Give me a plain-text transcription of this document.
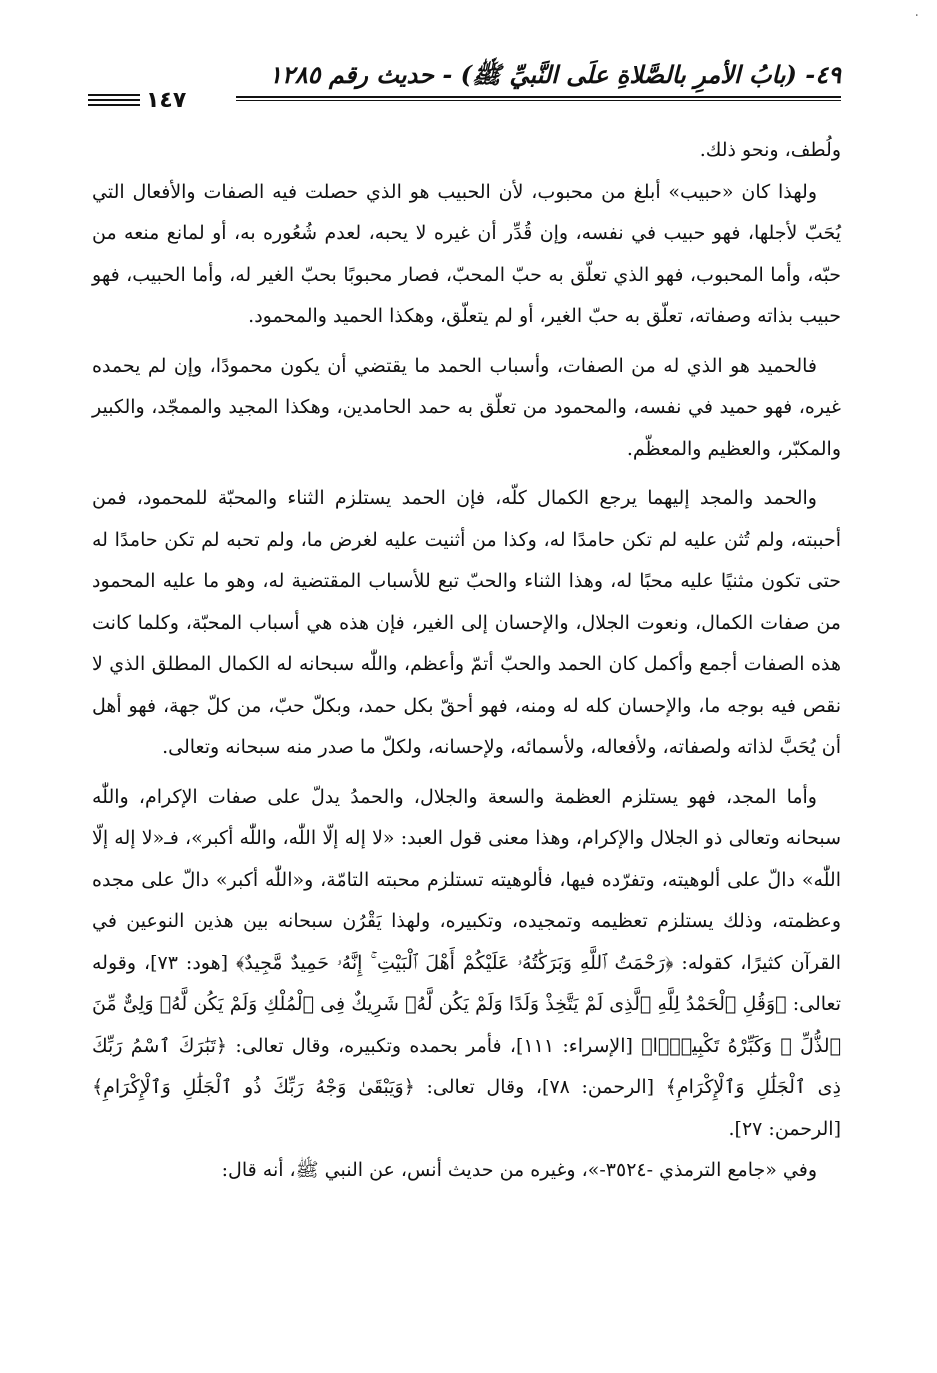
·
٤٩- (بابُ الأمرِ بالصَّلاةِ علَى النَّبيِّ ﷺ) - حديث رقم ١٢٨٥
١٤٧

ولُطف، ونحو ذلك.

ولهذا كان «حبيب» أبلغ من محبوب، لأن الحبيب هو الذي حصلت فيه الصفات والأفعال التي يُحَبّ لأجلها، فهو حبيب في نفسه، وإن قُدِّر أن غيره لا يحبه، لعدم شُعُوره به، أو لمانع منعه من حبّه، وأما المحبوب، فهو الذي تعلّق به حبّ المحبّ، فصار محبوبًا بحبّ الغير له، وأما الحبيب، فهو حبيب بذاته وصفاته، تعلّق به حبّ الغير، أو لم يتعلّق، وهكذا الحميد والمحمود.

فالحميد هو الذي له من الصفات، وأسباب الحمد ما يقتضي أن يكون محمودًا، وإن لم يحمده غيره، فهو حميد في نفسه، والمحمود من تعلّق به حمد الحامدين، وهكذا المجيد والممجّد، والكبير والمكبّر، والعظيم والمعظّم.

والحمد والمجد إليهما يرجع الكمال كلّه، فإن الحمد يستلزم الثناء والمحبّة للمحمود، فمن أحببته، ولم تُثن عليه لم تكن حامدًا له، وكذا من أثنيت عليه لغرض ما، ولم تحبه لم تكن حامدًا له حتى تكون مثنيًا عليه محبًا له، وهذا الثناء والحبّ تبع للأسباب المقتضية له، وهو ما عليه المحمود من صفات الكمال، ونعوت الجلال، والإحسان إلى الغير، فإن هذه هي أسباب المحبّة، وكلما كانت هذه الصفات أجمع وأكمل كان الحمد والحبّ أتمّ وأعظم، واللّٰه سبحانه له الكمال المطلق الذي لا نقص فيه بوجه ما، والإحسان كله له ومنه، فهو أحقّ بكل حمد، وبكلّ حبّ، من كلّ جهة، فهو أهل أن يُحَبَّ لذاته ولصفاته، ولأفعاله، ولأسمائه، ولإحسانه، ولكلّ ما صدر منه سبحانه وتعالى.

وأما المجد، فهو يستلزم العظمة والسعة والجلال، والحمدُ يدلّ على صفات الإكرام، واللّٰه سبحانه وتعالى ذو الجلال والإكرام، وهذا معنى قول العبد: «لا إله إلّا اللّٰه، واللّٰه أكبر»، فـ«لا إله إلّا اللّٰه» دالّ على ألوهيته، وتفرّده فيها، فألوهيته تستلزم محبته التامّة، و«اللّٰه أكبر» دالّ على مجده وعظمته، وذلك يستلزم تعظيمه وتمجيده، وتكبيره، ولهذا يَقْرُن سبحانه بين هذين النوعين في القرآن كثيرًا، كقوله: ﴿رَحْمَتُ ٱللَّهِ وَبَرَكَٰتُهُۥ عَلَيْكُمْ أَهْلَ ٱلْبَيْتِ ۚ إِنَّهُۥ حَمِيدٌ مَّجِيدٌ﴾ [هود: ٧٣]، وقوله تعالى: ﴿وَقُلِ ٱلْحَمْدُ لِلَّهِ ٱلَّذِى لَمْ يَتَّخِذْ وَلَدًا وَلَمْ يَكُن لَّهُۥ شَرِيكٌ فِى ٱلْمُلْكِ وَلَمْ يَكُن لَّهُۥ وَلِىٌّ مِّنَ ٱلذُّلِّ ۖ وَكَبِّرْهُ تَكْبِيرًۢا﴾ [الإسراء: ١١١]، فأمر بحمده وتكبيره، وقال تعالى: ﴿تَبَٰرَكَ ٱسْمُ رَبِّكَ ذِى ٱلْجَلَٰلِ وَٱلْإِكْرَامِ﴾ [الرحمن: ٧٨]، وقال تعالى: ﴿وَيَبْقَىٰ وَجْهُ رَبِّكَ ذُو ٱلْجَلَٰلِ وَٱلْإِكْرَامِ﴾ [الرحمن: ٢٧].

وفي «جامع الترمذي -٣٥٢٤-»، وغيره من حديث أنس، عن النبي ﷺ، أنه قال:
